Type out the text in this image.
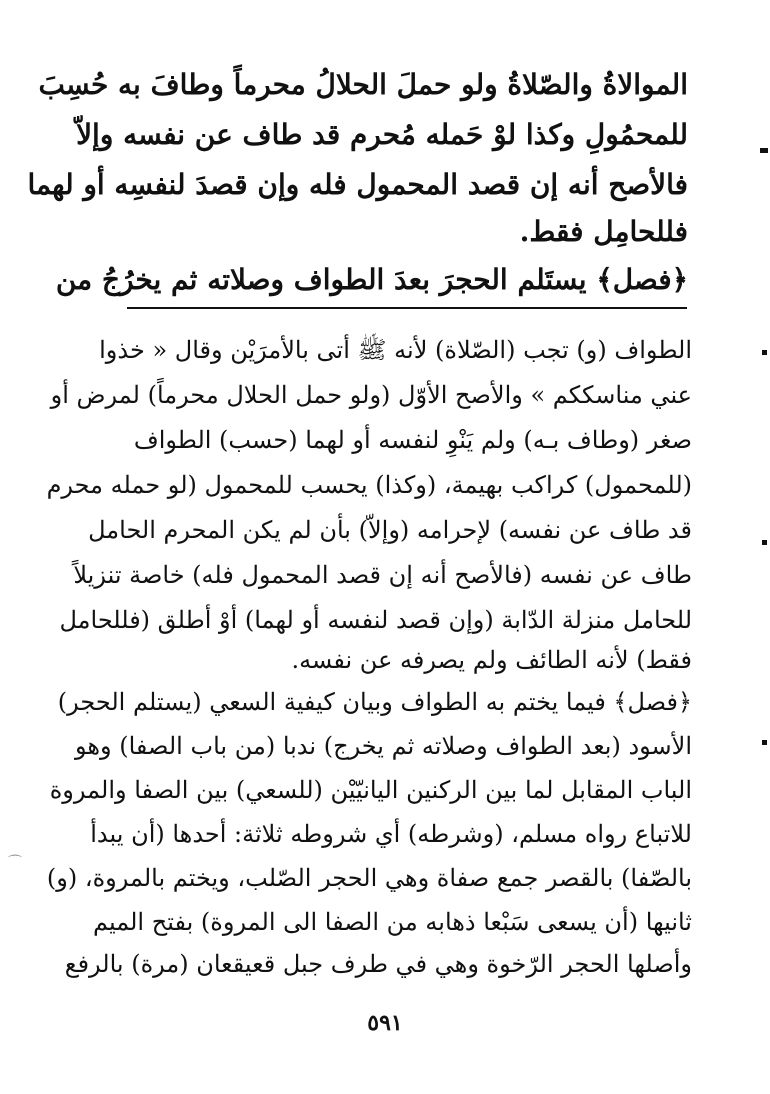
الموالاةُ والصّلاةُ ولو حملَ الحلالُ محرماً وطافَ به حُسِبَ
للمحمُولِ وكذا لوْ حَمله مُحرم قد طاف عن نفسه وإلاّ
فالأصح أنه إن قصد المحمول فله وإن قصدَ لنفسِه أو لهما
فللحامِل فقط.
﴿فصل﴾ يستَلم الحجرَ بعدَ الطواف وصلاته ثم يخرُجُ من
الطواف (و) تجب (الصّلاة) لأنه ﷺ أتى بالأمرَيْن وقال « خذوا
عني مناسككم » والأصح الأوّل (ولو حمل الحلال محرماً) لمرض أو
صغر (وطاف بـه) ولم يَنْوِ لنفسه أو لهما (حسب) الطواف
(للمحمول) كراكب بهيمة، (وكذا) يحسب للمحمول (لو حمله محرم
قد طاف عن نفسه) لإحرامه (وإلاّ) بأن لم يكن المحرم الحامل
طاف عن نفسه (فالأصح أنه إن قصد المحمول فله) خاصة تنزيلاً
للحامل منزلة الدّابة (وإن قصد لنفسه أو لهما) أوْ أطلق (فللحامل
فقط) لأنه الطائف ولم يصرفه عن نفسه.
﴿فصل﴾ فيما يختم به الطواف وبيان كيفية السعي (يستلم الحجر)
الأسود (بعد الطواف وصلاته ثم يخرج) ندبا (من باب الصفا) وهو
الباب المقابل لما بين الركنين اليانيّيْن (للسعي) بين الصفا والمروة
للاتباع رواه مسلم، (وشرطه) أي شروطه ثلاثة: أحدها (أن يبدأ
بالصّفا) بالقصر جمع صفاة وهي الحجر الصّلب، ويختم بالمروة، (و)
ثانيها (أن يسعى سَبْعا ذهابه من الصفا الى المروة) بفتح الميم
وأصلها الحجر الرّخوة وهي في طرف جبل قعيقعان (مرة) بالرفع
٥٩١
⌒
